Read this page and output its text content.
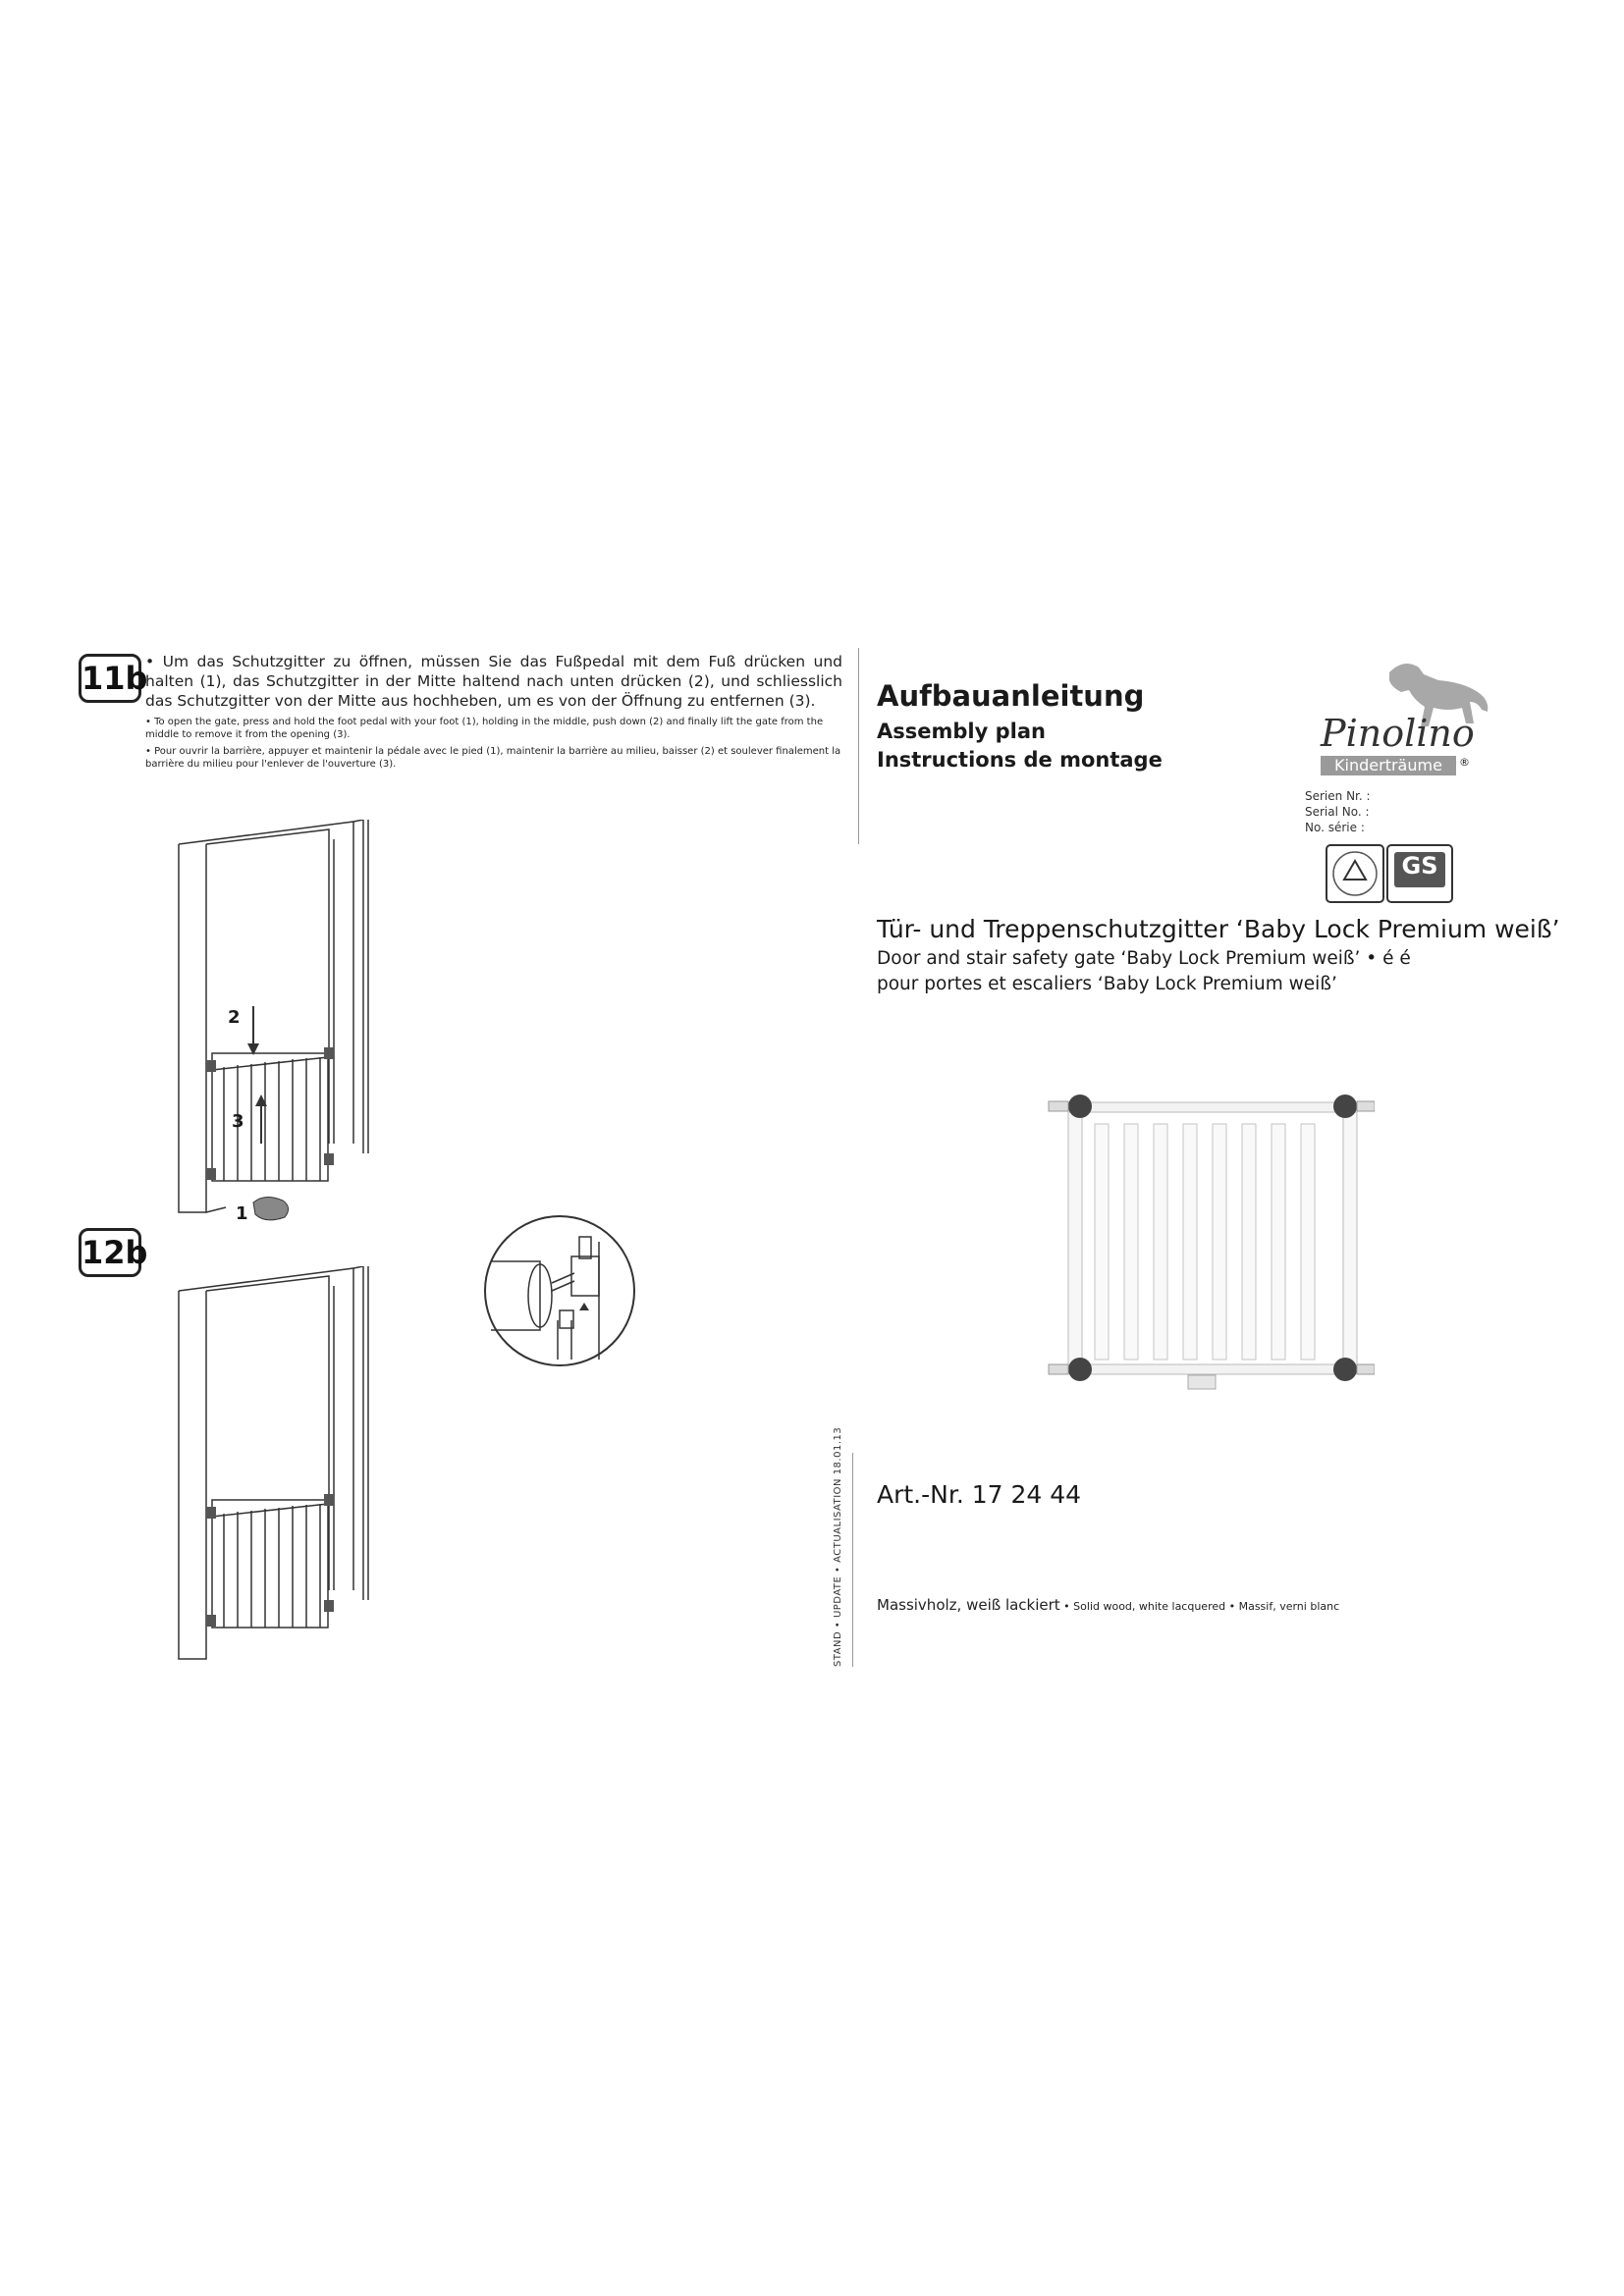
11b
12b
• Um das Schutzgitter zu öffnen, müssen Sie das Fußpedal mit dem Fuß drücken und halten (1), das Schutzgitter in der Mitte haltend nach unten drücken (2), und schliesslich das Schutzgitter von der Mitte aus hochheben, um es von der Öffnung zu entfernen (3).
• To open the gate, press and hold the foot pedal with your foot (1), holding in the middle, push down (2) and finally lift the gate from the middle to remove it from the opening (3).
• Pour ouvrir la barrière, appuyer et maintenir la pédale avec le pied (1), maintenir la barrière au milieu, baisser (2) et soulever finalement la barrière du milieu pour l'enlever de l'ouverture (3).
2
3
1
Aufbauanleitung
Assembly plan
Instructions de montage
Pinolino
Kinderträume	®
Serien Nr. :
Serial No. :
No. série :
GS
Tür- und Treppenschutzgitter ‘Baby Lock Premium weiß’
Door and stair safety gate ‘Baby Lock Premium weiß’ • é é
pour portes et escaliers ‘Baby Lock Premium weiß’
Art.-Nr. 17 24 44
STAND • UPDATE • ACTUALISATION 18.01.13 Massivholz, weiß lackiert • Solid wood, white lacquered • Massif, verni blanc
